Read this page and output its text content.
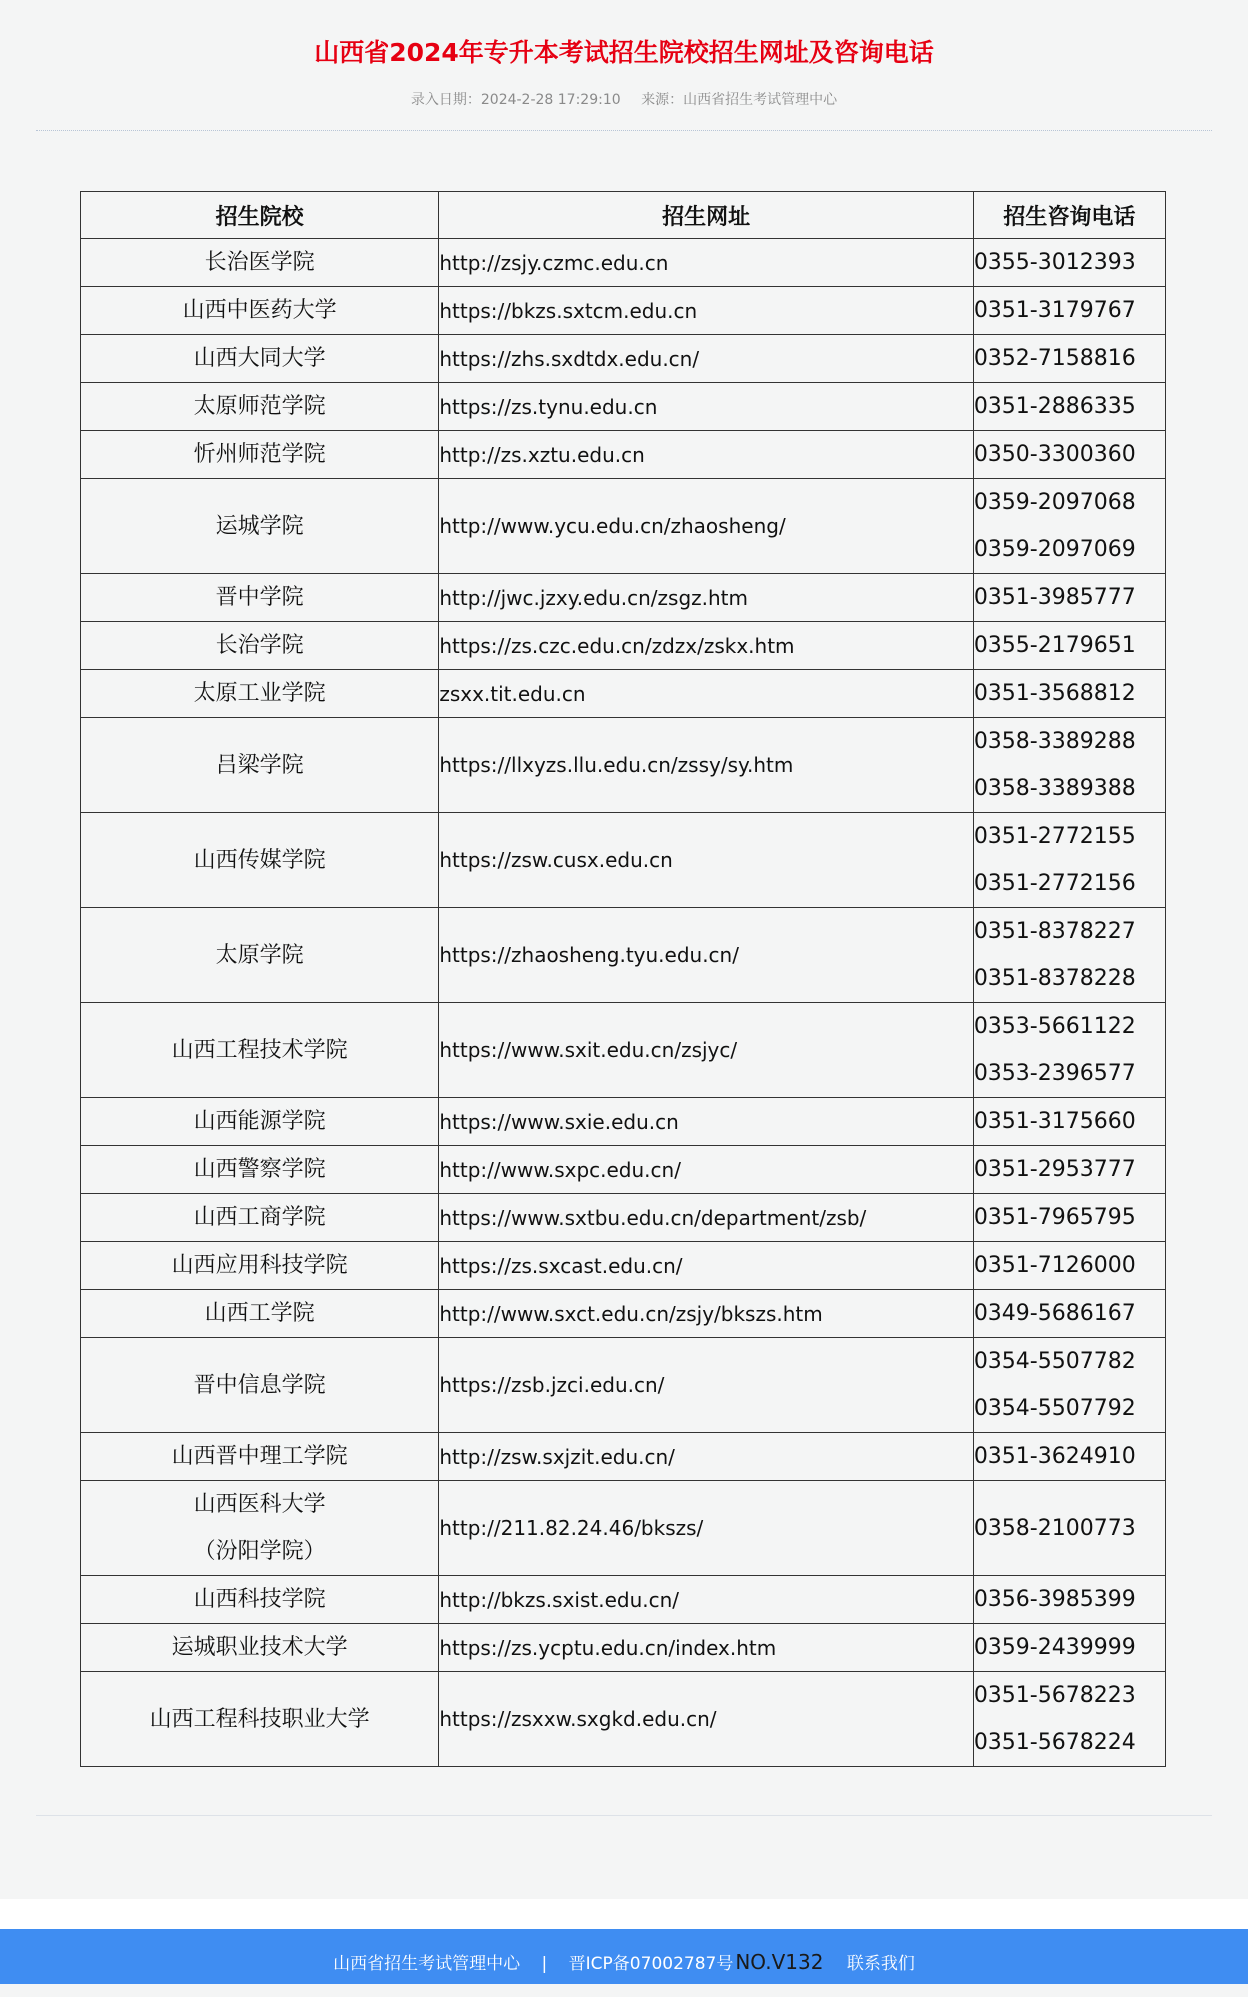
山西省2024年专升本考试招生院校招生网址及咨询电话
录入日期：2024-2-28 17:29:10 来源：山西省招生考试管理中心
招生院校	招生网址	招生咨询电话

长治医学院	http://zsjy.czmc.edu.cn	0355-3012393

山西中医药大学	https://bkzs.sxtcm.edu.cn	0351-3179767

山西大同大学	https://zhs.sxdtdx.edu.cn/	0352-7158816

太原师范学院	https://zs.tynu.edu.cn	0351-2886335

忻州师范学院	http://zs.xztu.edu.cn	0350-3300360

运城学院	http://www.ycu.edu.cn/zhaosheng/	0359-2097068
0359-2097069

晋中学院	http://jwc.jzxy.edu.cn/zsgz.htm	0351-3985777

长治学院	https://zs.czc.edu.cn/zdzx/zskx.htm	0355-2179651

太原工业学院	zsxx.tit.edu.cn	0351-3568812

吕梁学院	https://llxyzs.llu.edu.cn/zssy/sy.htm	0358-3389288
0358-3389388

山西传媒学院	https://zsw.cusx.edu.cn	0351-2772155
0351-2772156

太原学院	https://zhaosheng.tyu.edu.cn/	0351-8378227
0351-8378228

山西工程技术学院	https://www.sxit.edu.cn/zsjyc/	0353-5661122
0353-2396577

山西能源学院	https://www.sxie.edu.cn	0351-3175660

山西警察学院	http://www.sxpc.edu.cn/	0351-2953777

山西工商学院	https://www.sxtbu.edu.cn/department/zsb/	0351-7965795

山西应用科技学院	https://zs.sxcast.edu.cn/	0351-7126000

山西工学院	http://www.sxct.edu.cn/zsjy/bkszs.htm	0349-5686167

晋中信息学院	https://zsb.jzci.edu.cn/	0354-5507782
0354-5507792

山西晋中理工学院	http://zsw.sxjzit.edu.cn/	0351-3624910

山西医科大学
（汾阳学院）	http://211.82.24.46/bkszs/	0358-2100773

山西科技学院	http://bkzs.sxist.edu.cn/	0356-3985399

运城职业技术大学	https://zs.ycptu.edu.cn/index.htm	0359-2439999

山西工程科技职业大学	https://zsxxw.sxgkd.edu.cn/	0351-5678223
0351-5678224
山西省招生考试管理中心 | 晋ICP备07002787号 NO.V132 联系我们
